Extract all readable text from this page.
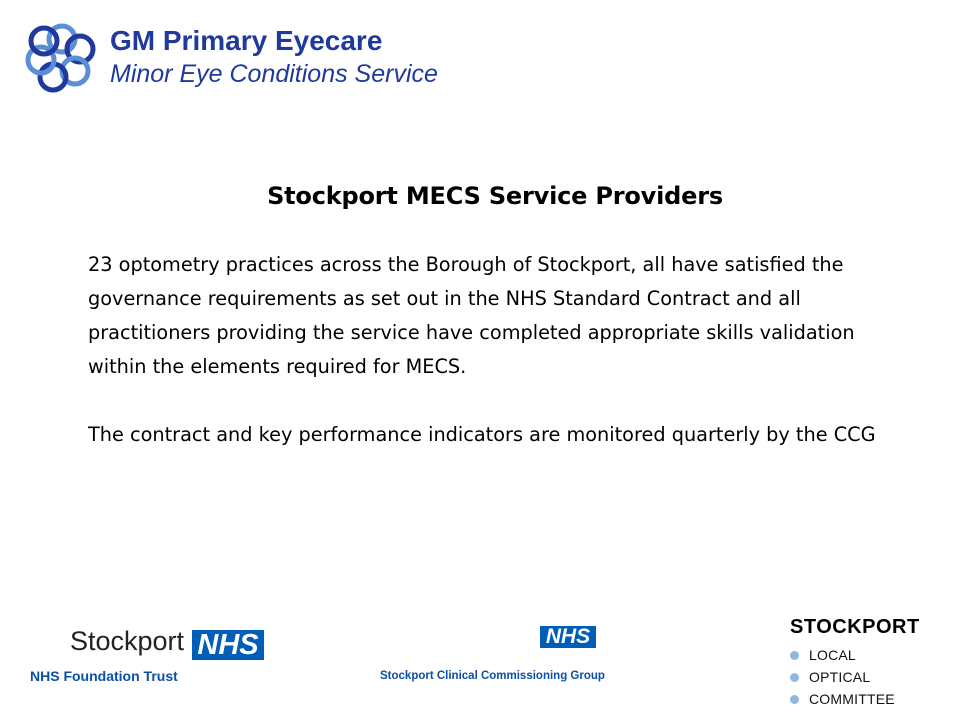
GM Primary Eyecare
Minor Eye Conditions Service
Stockport MECS Service Providers

23 optometry practices across the Borough of Stockport, all have satisfied the governance requirements as set out in the NHS Standard Contract and all practitioners providing the service have completed appropriate skills validation within the elements required for MECS.

The contract and key performance indicators are monitored quarterly by the CCG

Stockport NHS
NHS Foundation Trust
NHS
Stockport Clinical Commissioning Group
STOCKPORT
LOCAL
OPTICAL
COMMITTEE
